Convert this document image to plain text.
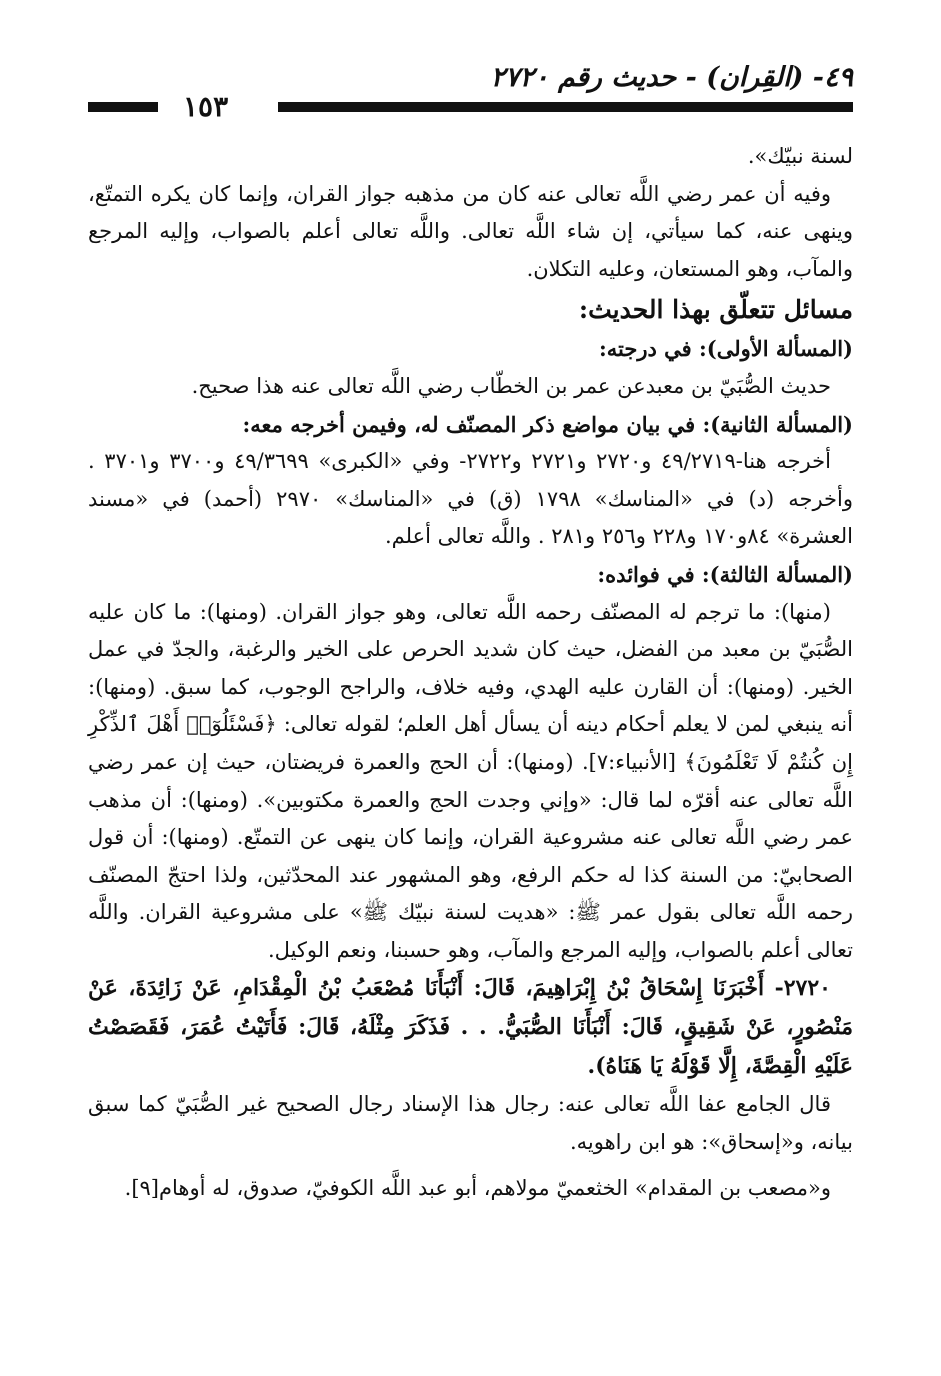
٤٩- (القِران) - حديث رقم ٢٧٢٠
١٥٣

لسنة نبيّك».

وفيه أن عمر رضي اللَّه تعالى عنه كان من مذهبه جواز القران، وإنما كان يكره التمتّع، وينهى عنه، كما سيأتي، إن شاء اللَّه تعالى. واللَّه تعالى أعلم بالصواب، وإليه المرجع والمآب، وهو المستعان، وعليه التكلان.

مسائل تتعلّق بهذا الحديث:

(المسألة الأولى): في درجته:

حديث الصُّبَيّ بن معبدعن عمر بن الخطّاب رضي اللَّه تعالى عنه هذا صحيح.

(المسألة الثانية): في بيان مواضع ذكر المصنّف له، وفيمن أخرجه معه:

أخرجه هنا-٤٩/٢٧١٩ و٢٧٢٠ و٢٧٢١ و٢٧٢٢- وفي «الكبرى» ٤٩/٣٦٩٩ و٣٧٠٠ و٣٧٠١ . وأخرجه (د) في «المناسك» ١٧٩٨ (ق) في «المناسك» ٢٩٧٠ (أحمد) في «مسند العشرة» ٨٤و١٧٠ و٢٢٨ و٢٥٦ و٢٨١ . واللَّه تعالى أعلم.

(المسألة الثالثة): في فوائده:

(منها): ما ترجم له المصنّف رحمه اللَّه تعالى، وهو جواز القران. (ومنها): ما كان عليه الصُّبَيّ بن معبد من الفضل، حيث كان شديد الحرص على الخير والرغبة، والجدّ في عمل الخير. (ومنها): أن القارن عليه الهدي، وفيه خلاف، والراجح الوجوب، كما سبق. (ومنها): أنه ينبغي لمن لا يعلم أحكام دينه أن يسأل أهل العلم؛ لقوله تعالى: ﴿فَسْئَلُوٓا۟ أَهْلَ ٱلذِّكْرِ إِن كُنتُمْ لَا تَعْلَمُونَ﴾ [الأنبياء:٧]. (ومنها): أن الحج والعمرة فريضتان، حيث إن عمر رضي اللَّه تعالى عنه أقرّه لما قال: «وإني وجدت الحج والعمرة مكتوبين». (ومنها): أن مذهب عمر رضي اللَّه تعالى عنه مشروعية القران، وإنما كان ينهى عن التمتّع. (ومنها): أن قول الصحابيّ: من السنة كذا له حكم الرفع، وهو المشهور عند المحدّثين، ولذا احتجّ المصنّف رحمه اللَّه تعالى بقول عمر ﷺ: «هديت لسنة نبيّك ﷺ» على مشروعية القران. واللَّه تعالى أعلم بالصواب، وإليه المرجع والمآب، وهو حسبنا، ونعم الوكيل.

٢٧٢٠- أَخْبَرَنَا إِسْحَاقُ بْنُ إِبْرَاهِيمَ، قَالَ: أَنْبَأَنَا مُصْعَبُ بْنُ الْمِقْدَامِ، عَنْ زَائِدَةَ، عَنْ مَنْصُورٍ، عَنْ شَقِيقٍ، قَالَ: أَنْبَأَنَا الصُّبَيُّ. . . فَذَكَرَ مِثْلَهُ، قَالَ: فَأَتَيْتُ عُمَرَ، فَقَصَصْتُ عَلَيْهِ الْقِصَّةَ، إِلَّا قَوْلَهُ يَا هَنَاهُ).

قال الجامع عفا اللَّه تعالى عنه: رجال هذا الإسناد رجال الصحيح غير الصُّبَيّ كما سبق بيانه، و«إسحاق»: هو ابن راهويه.

و«مصعب بن المقدام» الخثعميّ مولاهم، أبو عبد اللَّه الكوفيّ، صدوق، له أوهام[٩].
